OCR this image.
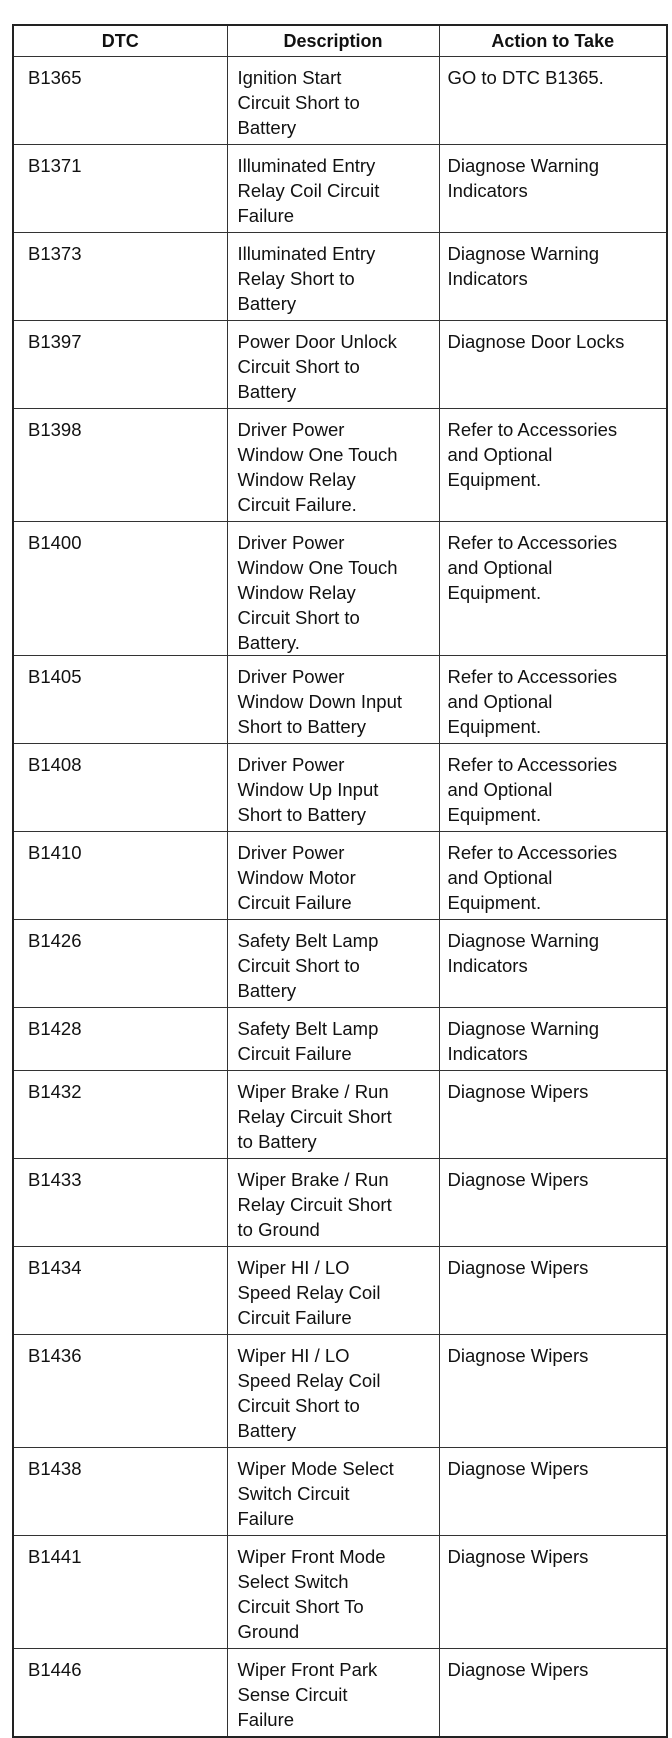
DTC	Description	Action to Take
B1365	Ignition Start
Circuit Short to
Battery	GO to DTC B1365.

B1371	Illuminated Entry
Relay Coil Circuit
Failure	Diagnose Warning
Indicators

B1373	Illuminated Entry
Relay Short to
Battery	Diagnose Warning
Indicators

B1397	Power Door Unlock
Circuit Short to
Battery	Diagnose Door Locks

B1398	Driver Power
Window One Touch
Window Relay
Circuit Failure.	Refer to Accessories
and Optional
Equipment.

B1400	Driver Power
Window One Touch
Window Relay
Circuit Short to
Battery.	Refer to Accessories
and Optional
Equipment.

B1405	Driver Power
Window Down Input
Short to Battery	Refer to Accessories
and Optional
Equipment.

B1408	Driver Power
Window Up Input
Short to Battery	Refer to Accessories
and Optional
Equipment.

B1410	Driver Power
Window Motor
Circuit Failure	Refer to Accessories
and Optional
Equipment.

B1426	Safety Belt Lamp
Circuit Short to
Battery	Diagnose Warning
Indicators

B1428	Safety Belt Lamp
Circuit Failure	Diagnose Warning
Indicators

B1432	Wiper Brake / Run
Relay Circuit Short
to Battery	Diagnose Wipers

B1433	Wiper Brake / Run
Relay Circuit Short
to Ground	Diagnose Wipers

B1434	Wiper HI / LO
Speed Relay Coil
Circuit Failure	Diagnose Wipers

B1436	Wiper HI / LO
Speed Relay Coil
Circuit Short to
Battery	Diagnose Wipers

B1438	Wiper Mode Select
Switch Circuit
Failure	Diagnose Wipers

B1441	Wiper Front Mode
Select Switch
Circuit Short To
Ground	Diagnose Wipers

B1446	Wiper Front Park
Sense Circuit
Failure	Diagnose Wipers
